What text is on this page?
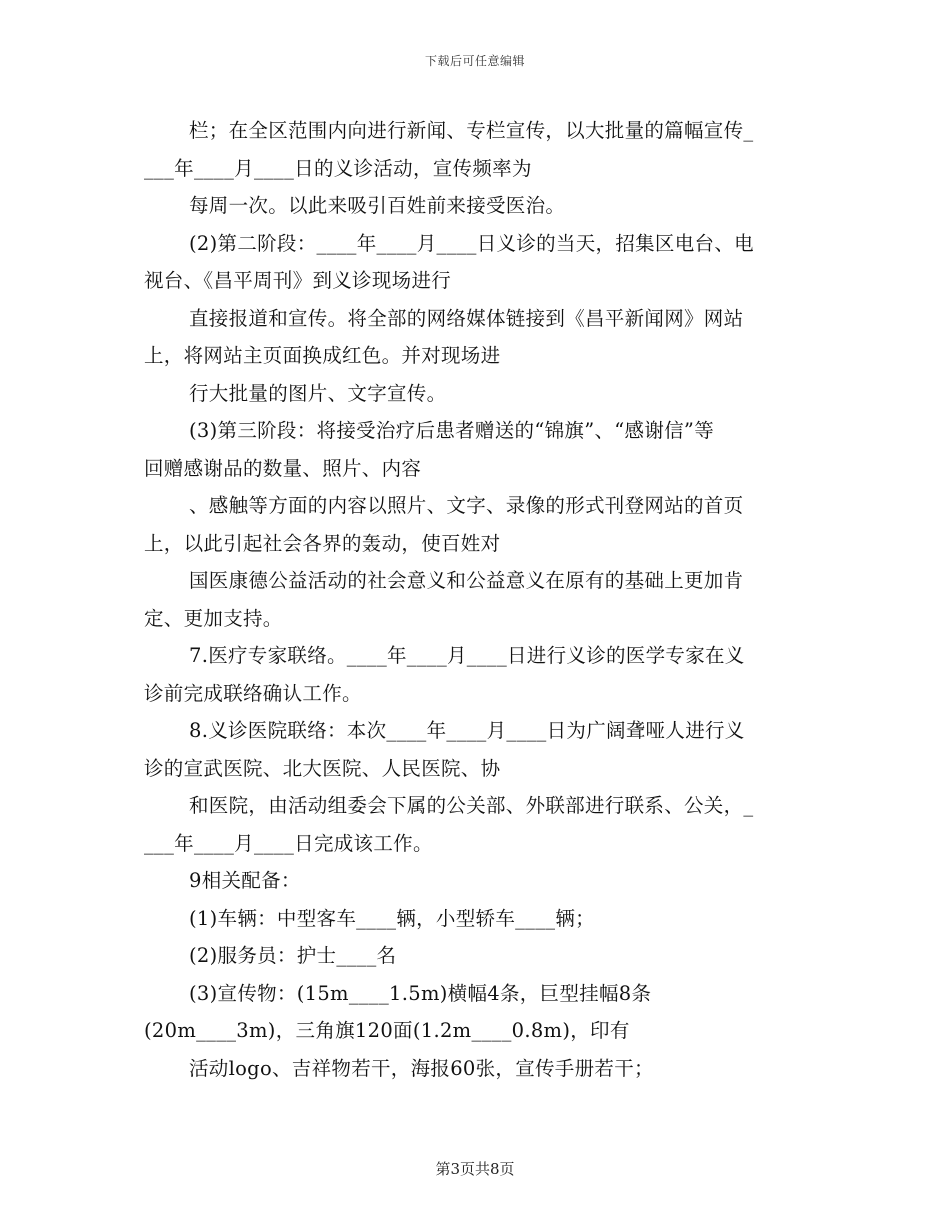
下载后可任意编辑

栏；在全区范围内向进行新闻、专栏宣传，以大批量的篇幅宣传_

___年____月____日的义诊活动，宣传频率为

每周一次。以此来吸引百姓前来接受医治。

(2)第二阶段：____年____月____日义诊的当天，招集区电台、电

视台、《昌平周刊》到义诊现场进行

直接报道和宣传。将全部的网络媒体链接到《昌平新闻网》网站

上，将网站主页面换成红色。并对现场进

行大批量的图片、文字宣传。

(3)第三阶段：将接受治疗后患者赠送的“锦旗”、“感谢信”等

回赠感谢品的数量、照片、内容

、感触等方面的内容以照片、文字、录像的形式刊登网站的首页

上，以此引起社会各界的轰动，使百姓对

国医康德公益活动的社会意义和公益意义在原有的基础上更加肯

定、更加支持。

7.医疗专家联络。____年____月____日进行义诊的医学专家在义

诊前完成联络确认工作。

8.义诊医院联络：本次____年____月____日为广阔聋哑人进行义

诊的宣武医院、北大医院、人民医院、协

和医院，由活动组委会下属的公关部、外联部进行联系、公关，_

___年____月____日完成该工作。

9相关配备：

(1)车辆：中型客车____辆，小型轿车____辆；

(2)服务员：护士____名

(3)宣传物：(15m____1.5m)横幅4条，巨型挂幅8条

(20m____3m)，三角旗120面(1.2m____0.8m)，印有

活动logo、吉祥物若干，海报60张，宣传手册若干；

第3页共8页
